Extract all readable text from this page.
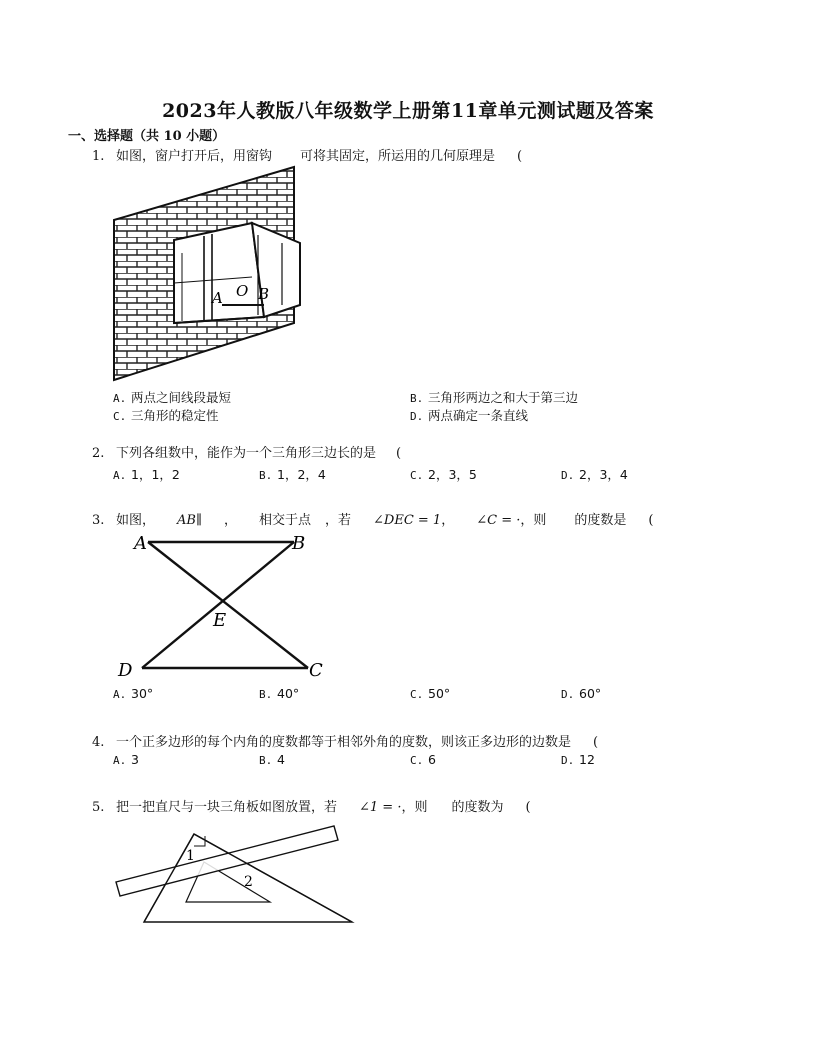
2023年人教版八年级数学上册第11章单元测试题及答案
一、选择题（共 10 小题）
1. 如图，窗户打开后，用窗钩 可将其固定，所运用的几何原理是 (
A O B
A. 两点之间线段最短	B. 三角形两边之和大于第三边
C. 三角形的稳定性	D. 两点确定一条直线
2. 下列各组数中，能作为一个三角形三边长的是 (
A. 1，1，2	B. 1，2，4	C. 2，3，5	D. 2，3，4
3. 如图， AB∥ ， 相交于点 ，若 ∠DEC = 1， ∠C = ·，则 的度数是 (
A	B
E
D	C
A. 30°	B. 40°	C. 50°	D. 60°
4. 一个正多边形的每个内角的度数都等于相邻外角的度数，则该正多边形的边数是 (
A. 3	B. 4	C. 6	D. 12
5. 把一把直尺与一块三角板如图放置，若 ∠1 = ·，则 的度数为 (
1
2
